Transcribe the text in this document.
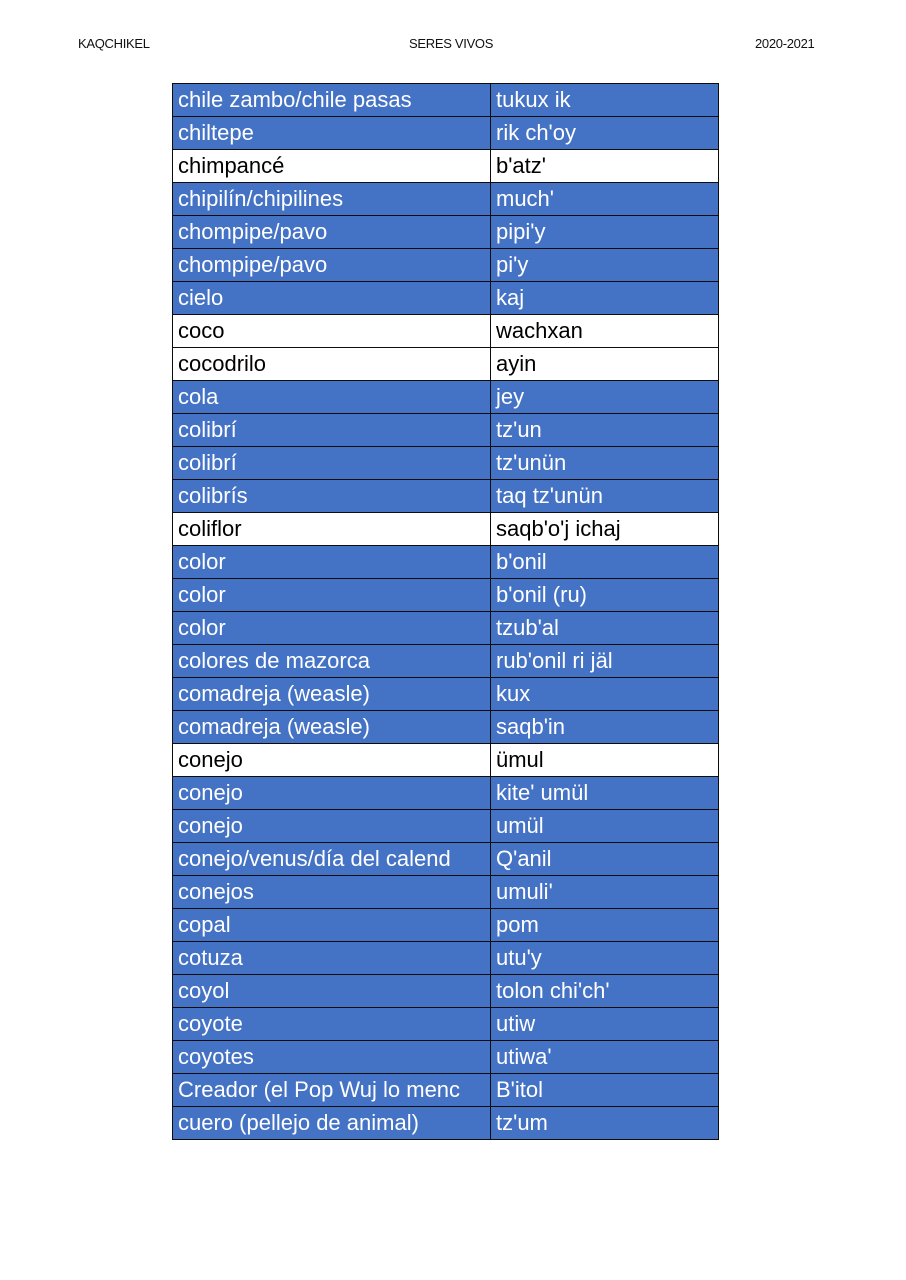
KAQCHIKEL	SERES VIVOS	2020-2021
chile zambo/chile pasas	tukux ik
chiltepe	rik ch'oy
chimpancé	b'atz'
chipilín/chipilines	much'
chompipe/pavo	pipi'y
chompipe/pavo	pi'y
cielo	kaj
coco	wachxan
cocodrilo	ayin
cola	jey
colibrí	tz'un
colibrí	tz'unün
colibrís	taq tz'unün
coliflor	saqb'o'j ichaj
color	b'onil
color	b'onil (ru)
color	tzub'al
colores de mazorca	rub'onil ri jäl
comadreja (weasle)	kux
comadreja (weasle)	saqb'in
conejo	ümul
conejo	kite' umül
conejo	umül
conejo/venus/día del calend	Q'anil
conejos	umuli'
copal	pom
cotuza	utu'y
coyol	tolon chi'ch'
coyote	utiw
coyotes	utiwa'
Creador (el Pop Wuj lo menc	B'itol
cuero (pellejo de animal)	tz'um
